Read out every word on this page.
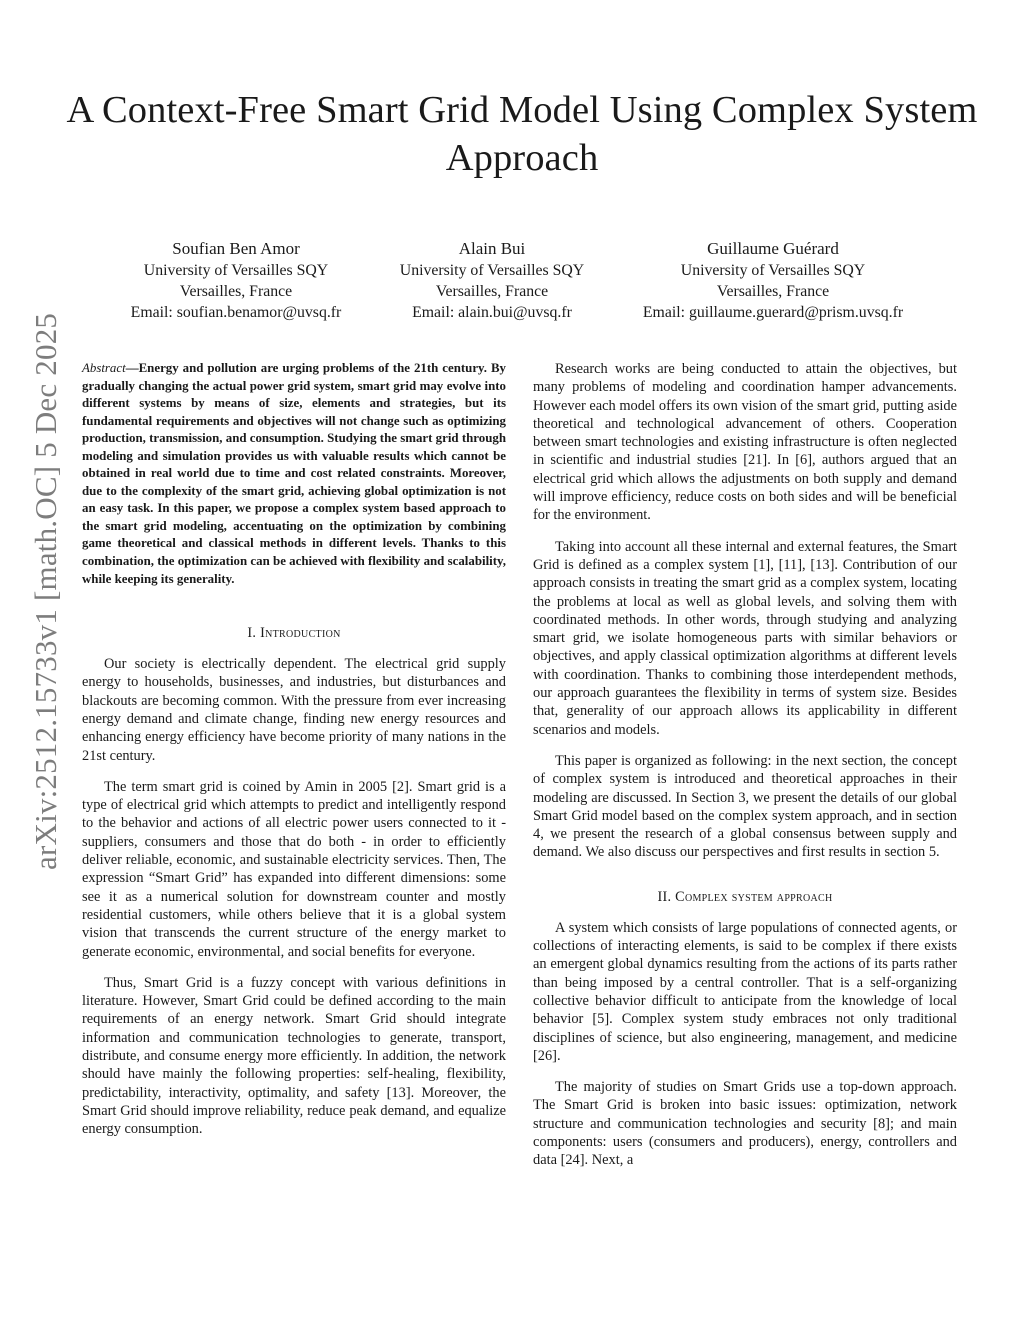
arXiv:2512.15733v1 [math.OC] 5 Dec 2025
A Context-Free Smart Grid Model Using Complex System Approach
Soufian Ben Amor
University of Versailles SQY
Versailles, France
Email: soufian.benamor@uvsq.fr
Alain Bui
University of Versailles SQY
Versailles, France
Email: alain.bui@uvsq.fr
Guillaume Guérard
University of Versailles SQY
Versailles, France
Email: guillaume.guerard@prism.uvsq.fr

Abstract—Energy and pollution are urging problems of the 21th century. By gradually changing the actual power grid system, smart grid may evolve into different systems by means of size, elements and strategies, but its fundamental requirements and objectives will not change such as optimizing production, transmission, and consumption. Studying the smart grid through modeling and simulation provides us with valuable results which cannot be obtained in real world due to time and cost related constraints. Moreover, due to the complexity of the smart grid, achieving global optimization is not an easy task. In this paper, we propose a complex system based approach to the smart grid modeling, accentuating on the optimization by combining game theoretical and classical methods in different levels. Thanks to this combination, the optimization can be achieved with flexibility and scalability, while keeping its generality.

I. Introduction

Our society is electrically dependent. The electrical grid supply energy to households, businesses, and industries, but disturbances and blackouts are becoming common. With the pressure from ever increasing energy demand and climate change, finding new energy resources and enhancing energy efficiency have become priority of many nations in the 21st century.

The term smart grid is coined by Amin in 2005 [2]. Smart grid is a type of electrical grid which attempts to predict and intelligently respond to the behavior and actions of all electric power users connected to it - suppliers, consumers and those that do both - in order to efficiently deliver reliable, economic, and sustainable electricity services. Then, The expression “Smart Grid” has expanded into different dimensions: some see it as a numerical solution for downstream counter and mostly residential customers, while others believe that it is a global system vision that transcends the current structure of the energy market to generate economic, environmental, and social benefits for everyone.

Thus, Smart Grid is a fuzzy concept with various definitions in literature. However, Smart Grid could be defined according to the main requirements of an energy network. Smart Grid should integrate information and communication technologies to generate, transport, distribute, and consume energy more efficiently. In addition, the network should have mainly the following properties: self-healing, flexibility, predictability, interactivity, optimality, and safety [13]. Moreover, the Smart Grid should improve reliability, reduce peak demand, and equalize energy consumption.

Research works are being conducted to attain the objectives, but many problems of modeling and coordination hamper advancements. However each model offers its own vision of the smart grid, putting aside theoretical and technological advancement of others. Cooperation between smart technologies and existing infrastructure is often neglected in scientific and industrial studies [21]. In [6], authors argued that an electrical grid which allows the adjustments on both supply and demand will improve efficiency, reduce costs on both sides and will be beneficial for the environment.

Taking into account all these internal and external features, the Smart Grid is defined as a complex system [1], [11], [13]. Contribution of our approach consists in treating the smart grid as a complex system, locating the problems at local as well as global levels, and solving them with coordinated methods. In other words, through studying and analyzing smart grid, we isolate homogeneous parts with similar behaviors or objectives, and apply classical optimization algorithms at different levels with coordination. Thanks to combining those interdependent methods, our approach guarantees the flexibility in terms of system size. Besides that, generality of our approach allows its applicability in different scenarios and models.

This paper is organized as following: in the next section, the concept of complex system is introduced and theoretical approaches in their modeling are discussed. In Section 3, we present the details of our global Smart Grid model based on the complex system approach, and in section 4, we present the research of a global consensus between supply and demand. We also discuss our perspectives and first results in section 5.

II. Complex system approach

A system which consists of large populations of connected agents, or collections of interacting elements, is said to be complex if there exists an emergent global dynamics resulting from the actions of its parts rather than being imposed by a central controller. That is a self-organizing collective behavior difficult to anticipate from the knowledge of local behavior [5]. Complex system study embraces not only traditional disciplines of science, but also engineering, management, and medicine [26].

The majority of studies on Smart Grids use a top-down approach. The Smart Grid is broken into basic issues: optimization, network structure and communication technologies and security [8]; and main components: users (consumers and producers), energy, controllers and data [24]. Next, a
